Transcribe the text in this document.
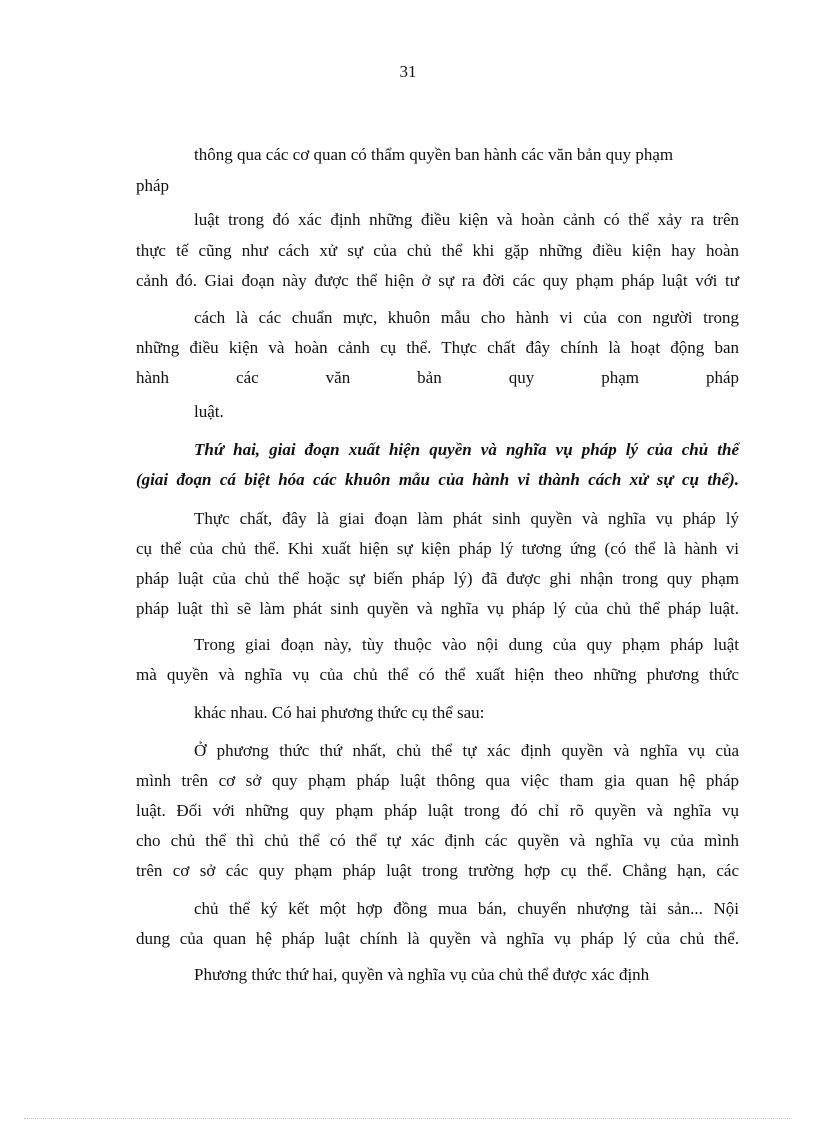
31
thông qua các cơ quan có thẩm quyền ban hành các văn bản quy phạm
pháp
luật trong đó xác định những điều kiện và hoàn cảnh có thể xảy ra trên
thực tế cũng như cách xử sự của chủ thể khi gặp những điều kiện hay hoàn
cảnh đó. Giai đoạn này được thể hiện ở sự ra đời các quy phạm pháp luật với tư
cách là các chuẩn mực, khuôn mẫu cho hành vi của con người trong
những điều kiện và hoàn cảnh cụ thể. Thực chất đây chính là hoạt động ban
hành các văn bản quy phạm pháp
luật.
Thứ hai, giai đoạn xuất hiện quyền và nghĩa vụ pháp lý của chủ thể
(giai đoạn cá biệt hóa các khuôn mẫu của hành vi thành cách xử sự cụ thể).
Thực chất, đây là giai đoạn làm phát sinh quyền và nghĩa vụ pháp lý
cụ thể của chủ thể. Khi xuất hiện sự kiện pháp lý tương ứng (có thể là hành vi
pháp luật của chủ thể hoặc sự biến pháp lý) đã được ghi nhận trong quy phạm
pháp luật thì sẽ làm phát sinh quyền và nghĩa vụ pháp lý của chủ thể pháp luật.
Trong giai đoạn này, tùy thuộc vào nội dung của quy phạm pháp luật
mà quyền và nghĩa vụ của chủ thể có thể xuất hiện theo những phương thức
khác nhau. Có hai phương thức cụ thể sau:
Ở phương thức thứ nhất, chủ thể tự xác định quyền và nghĩa vụ của
mình trên cơ sở quy phạm pháp luật thông qua việc tham gia quan hệ pháp
luật. Đối với những quy phạm pháp luật trong đó chỉ rõ quyền và nghĩa vụ
cho chủ thể thì chủ thể có thể tự xác định các quyền và nghĩa vụ của mình
trên cơ sở các quy phạm pháp luật trong trường hợp cụ thể. Chẳng hạn, các
chủ thể ký kết một hợp đồng mua bán, chuyển nhượng tài sản... Nội
dung của quan hệ pháp luật chính là quyền và nghĩa vụ pháp lý của chủ thể.
Phương thức thứ hai, quyền và nghĩa vụ của chủ thể được xác định
